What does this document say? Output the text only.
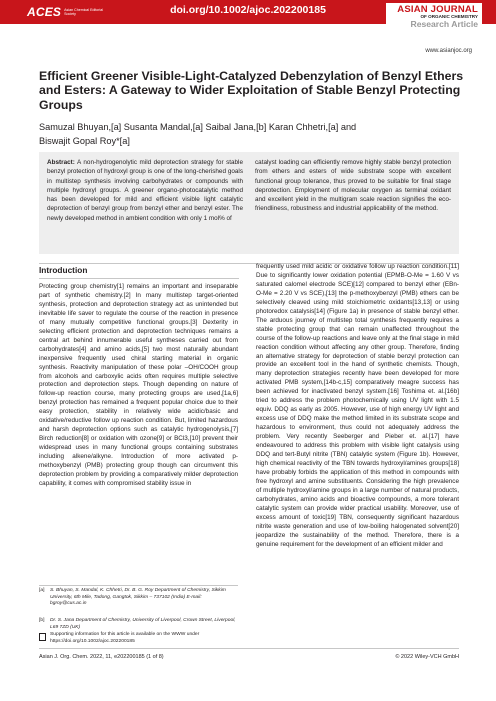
ACES Asian Chemical Editorial Society	doi.org/10.1002/ajoc.202200185	ASIAN JOURNAL
OF ORGANIC CHEMISTRY
Research Article
www.asianjoc.org
Efficient Greener Visible-Light-Catalyzed Debenzylation of Benzyl Ethers and Esters: A Gateway to Wider Exploitation of Stable Benzyl Protecting Groups
Samuzal Bhuyan,[a] Susanta Mandal,[a] Saibal Jana,[b] Karan Chhetri,[a] and
Biswajit Gopal Roy*[a]
Abstract: A non-hydrogenolytic mild deprotection strategy for stable benzyl protection of hydroxyl group is one of the long-cherished goals in multistep synthesis involving carbohydrates or compounds with multiple hydroxyl groups. A greener organo-photocatalytic method has been developed for mild and efficient visible light catalytic deprotection of benzyl group from benzyl ether and benzyl ester. The newly developed method in ambient condition with only 1 mol% of
catalyst loading can efficiently remove highly stable benzyl protection from ethers and esters of wide substrate scope with excellent functional group tolerance, thus proved to be suitable for final stage deprotection. Employment of molecular oxygen as terminal oxidant and excellent yield in the multigram scale reaction signifies the eco-friendliness, robustness and industrial applicability of the method.
Introduction
Protecting group chemistry[1] remains an important and inseparable part of synthetic chemistry.[2] In many multistep target-oriented synthesis, protection and deprotection strategy act as unintended but inevitable life saver to regulate the course of the reaction in presence of many mutually competitive functional groups.[3] Dexterity in selecting efficient protection and deprotection techniques remains a central art behind innumerable useful syntheses carried out from carbohydrates[4] and amino acids,[5] two most naturally abundant inexpensive frequently used chiral starting material in organic synthesis. Reactivity manipulation of these polar –OH/COOH group from alcohols and carboxylic acids often requires multiple selective protection and deprotection steps. Though depending on nature of follow-up reaction course, many protecting groups are used,[1a,6] benzyl protection has remained a frequent popular choice due to their easy protection, stability in relatively wide acidic/basic and oxidative/reductive follow up reaction condition. But, limited hazardous and harsh deprotection options such as catalytic hydrogenolysis,[7] Birch reduction[8] or oxidation with ozone[9] or BCl3,[10] prevent their widespread uses in many functional groups containing substrates including alkene/alkyne. Introduction of more activated p-methoxybenzyl (PMB) protecting group though can circumvent this deprotection problem by providing a comparatively milder deprotection capability, it comes with compromised stability issue in
frequently used mild acidic or oxidative follow up reaction condition.[11] Due to significantly lower oxidation potential (EPMB-O-Me = 1.60 V vs saturated calomel electrode SCE)[12] compared to benzyl ether (EBn-O-Me = 2.20 V vs SCE),[13] the p-methoxybenzyl (PMB) ethers can be selectively cleaved using mild stoichiometric oxidants[13,13] or using photoredox catalysis[14] (Figure 1a) in presence of stable benzyl ether. The arduous journey of multistep total synthesis frequently requires a stable protecting group that can remain unaffected throughout the course of the follow-up reactions and leave only at the final stage in mild reaction condition without affecting any other group. Therefore, finding an alternative strategy for deprotection of stable benzyl protection can provide an excellent tool in the hand of synthetic chemists. Though, many deprotection strategies recently have been developed for more activated PMB system,[14b-c,15] comparatively meagre success has been achieved for inactivated benzyl system.[16] Toshima et. al.[16b] tried to address the problem photochemically using UV light with 1.5 equiv. DDQ as early as 2005. However, use of high energy UV light and excess use of DDQ make the method limited in its substrate scope and hazardous to environment, thus could not adequately address the problem. Very recently Seeberger and Pieber et. al.[17] have endeavoured to address this problem with visible light catalysis using DDQ and tert-Butyl nitrite (TBN) catalytic system (Figure 1b). However, high chemical reactivity of the TBN towards hydroxyl/amines groups[18] have probably forbids the application of this method in compounds with free hydroxyl and amine substituents. Considering the high prevalence of multiple hydroxyl/amine groups in a large number of natural products, carbohydrates, amino acids and bioactive compounds, a more tolerant catalytic system can provide wider practical usability. Moreover, use of excess amount of toxic[19] TBN, consequently significant hazardous nitrite waste generation and use of low-boiling halogenated solvent[20] jeopardize the sustainability of the method. Therefore, there is a genuine requirement for the development of an efficient milder and
[a] S. Bhuyan, S. Mandal, K. Chhetri, Dr. B. G. Roy Department of Chemistry, Sikkim University, 6th Mile, Tadong, Gangtok, Sikkim – 737102 (India) E-mail: bgroy@cus.ac.in
[b] Dr. S. Jana Department of Chemistry, University of Liverpool, Crown Street, Liverpool, L69 7ZD (UK)
Supporting information for this article is available on the WWW under https://doi.org/10.1002/ajoc.202200185
Asian J. Org. Chem. 2022, 11, e202200185 (1 of 8)	© 2022 Wiley-VCH GmbH
